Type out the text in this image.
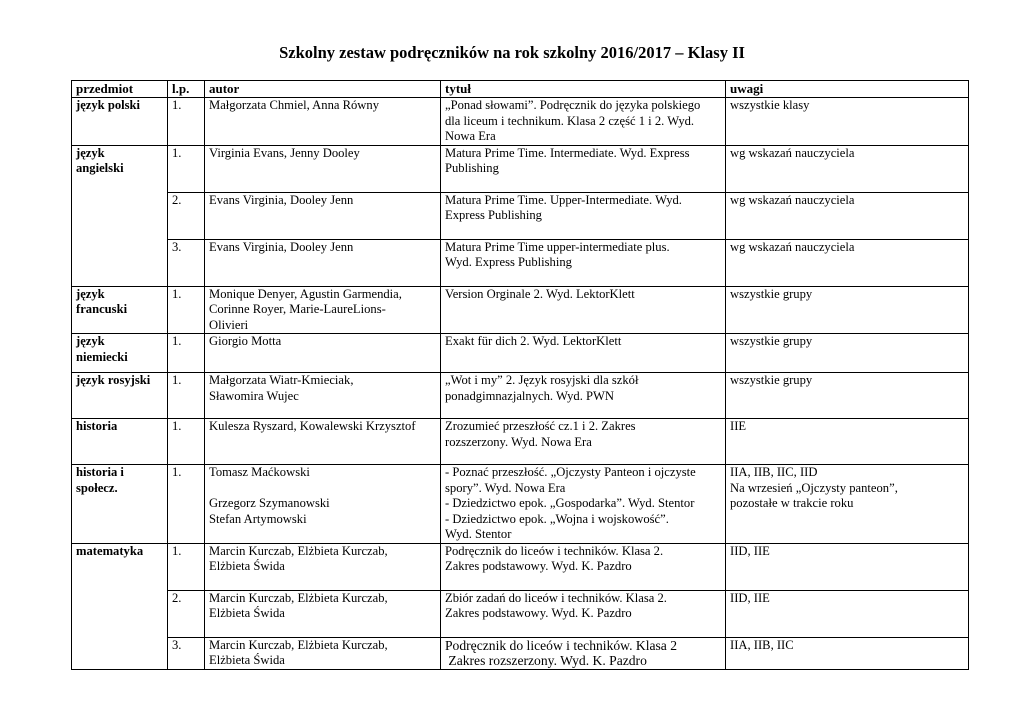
Szkolny zestaw podręczników na rok szkolny 2016/2017 – Klasy II
przedmiot	l.p.	autor	tytuł	uwagi
język polski	1.	Małgorzata Chmiel, Anna Równy	„Ponad słowami”. Podręcznik do języka polskiego
dla liceum i technikum. Klasa 2 część 1 i 2. Wyd.
Nowa Era	wszystkie klasy

język angielski	1.	Virginia Evans, Jenny Dooley	Matura Prime Time. Intermediate. Wyd. Express
Publishing	wg wskazań nauczyciela

	2.	Evans Virginia, Dooley Jenn	Matura Prime Time. Upper-Intermediate. Wyd.
Express Publishing	wg wskazań nauczyciela

	3.	Evans Virginia, Dooley Jenn	Matura Prime Time upper-intermediate plus.
Wyd. Express Publishing	wg wskazań nauczyciela

język francuski	1.	Monique Denyer, Agustin Garmendia,
Corinne Royer, Marie-LaureLions-
Olivieri	Version Orginale 2. Wyd. LektorKlett	wszystkie grupy

język niemiecki	1.	Giorgio Motta	Exakt für dich 2. Wyd. LektorKlett	wszystkie grupy

język rosyjski	1.	Małgorzata Wiatr-Kmieciak,
Sławomira Wujec	„Wot i my” 2. Język rosyjski dla szkół
ponadgimnazjalnych. Wyd. PWN	wszystkie grupy

historia	1.	Kulesza Ryszard, Kowalewski Krzysztof	Zrozumieć przeszłość cz.1 i 2. Zakres
rozszerzony. Wyd. Nowa Era	IIE

historia i społecz.	1.	Tomasz Maćkowski
Grzegorz Szymanowski
Stefan Artymowski	- Poznać przeszłość. „Ojczysty Panteon i ojczyste
spory”. Wyd. Nowa Era
- Dziedzictwo epok. „Gospodarka”. Wyd. Stentor
- Dziedzictwo epok. „Wojna i wojskowość”.
Wyd. Stentor	IIA, IIB, IIC, IID
Na wrzesień „Ojczysty panteon”,
pozostałe w trakcie roku

matematyka	1.	Marcin Kurczab, Elżbieta Kurczab,
Elżbieta Świda	Podręcznik do liceów i techników. Klasa 2.
Zakres podstawowy. Wyd. K. Pazdro	IID, IIE

	2.	Marcin Kurczab, Elżbieta Kurczab,
Elżbieta Świda	Zbiór zadań do liceów i techników. Klasa 2.
Zakres podstawowy. Wyd. K. Pazdro	IID, IIE

	3.	Marcin Kurczab, Elżbieta Kurczab,
Elżbieta Świda	Podręcznik do liceów i techników. Klasa 2
Zakres rozszerzony. Wyd. K. Pazdro	IIA, IIB, IIC
